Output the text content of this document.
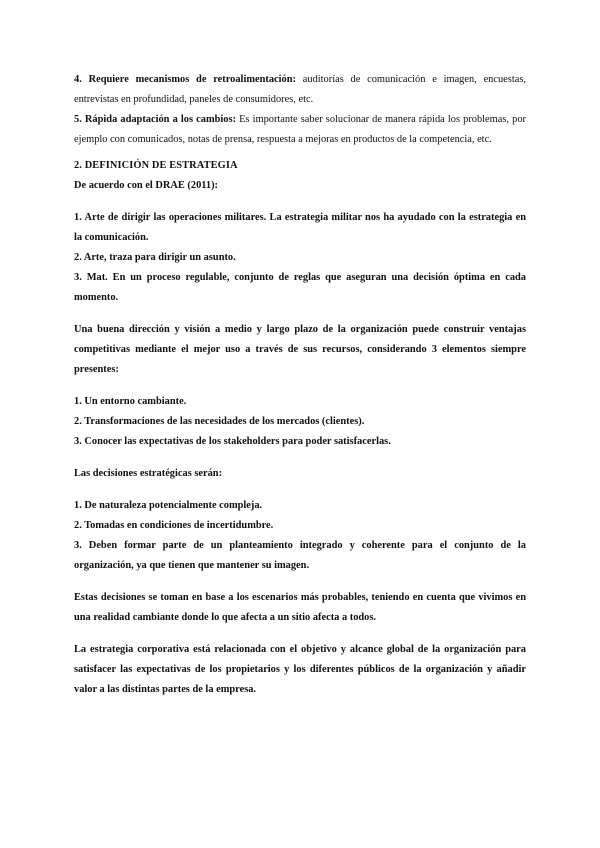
4. Requiere mecanismos de retroalimentación: auditorías de comunicación e imagen, encuestas, entrevistas en profundidad, paneles de consumidores, etc.

5. Rápida adaptación a los cambios: Es importante saber solucionar de manera rápida los problemas, por ejemplo con comunicados, notas de prensa, respuesta a mejoras en productos de la competencia, etc.

2. DEFINICIÓN DE ESTRATEGIA

De acuerdo con el DRAE (2011):

1. Arte de dirigir las operaciones militares. La estrategia militar nos ha ayudado con la estrategia en la comunicación.

2. Arte, traza para dirigir un asunto.

3. Mat. En un proceso regulable, conjunto de reglas que aseguran una decisión óptima en cada momento.

Una buena dirección y visión a medio y largo plazo de la organización puede construir ventajas competitivas mediante el mejor uso a través de sus recursos, considerando 3 elementos siempre presentes:

1. Un entorno cambiante.

2. Transformaciones de las necesidades de los mercados (clientes).

3. Conocer las expectativas de los stakeholders para poder satisfacerlas.

Las decisiones estratégicas serán:

1. De naturaleza potencialmente compleja.

2. Tomadas en condiciones de incertidumbre.

3. Deben formar parte de un planteamiento integrado y coherente para el conjunto de la organización, ya que tienen que mantener su imagen.

Estas decisiones se toman en base a los escenarios más probables, teniendo en cuenta que vivimos en una realidad cambiante donde lo que afecta a un sitio afecta a todos.

La estrategia corporativa está relacionada con el objetivo y alcance global de la organización para satisfacer las expectativas de los propietarios y los diferentes públicos de la organización y añadir valor a las distintas partes de la empresa.
